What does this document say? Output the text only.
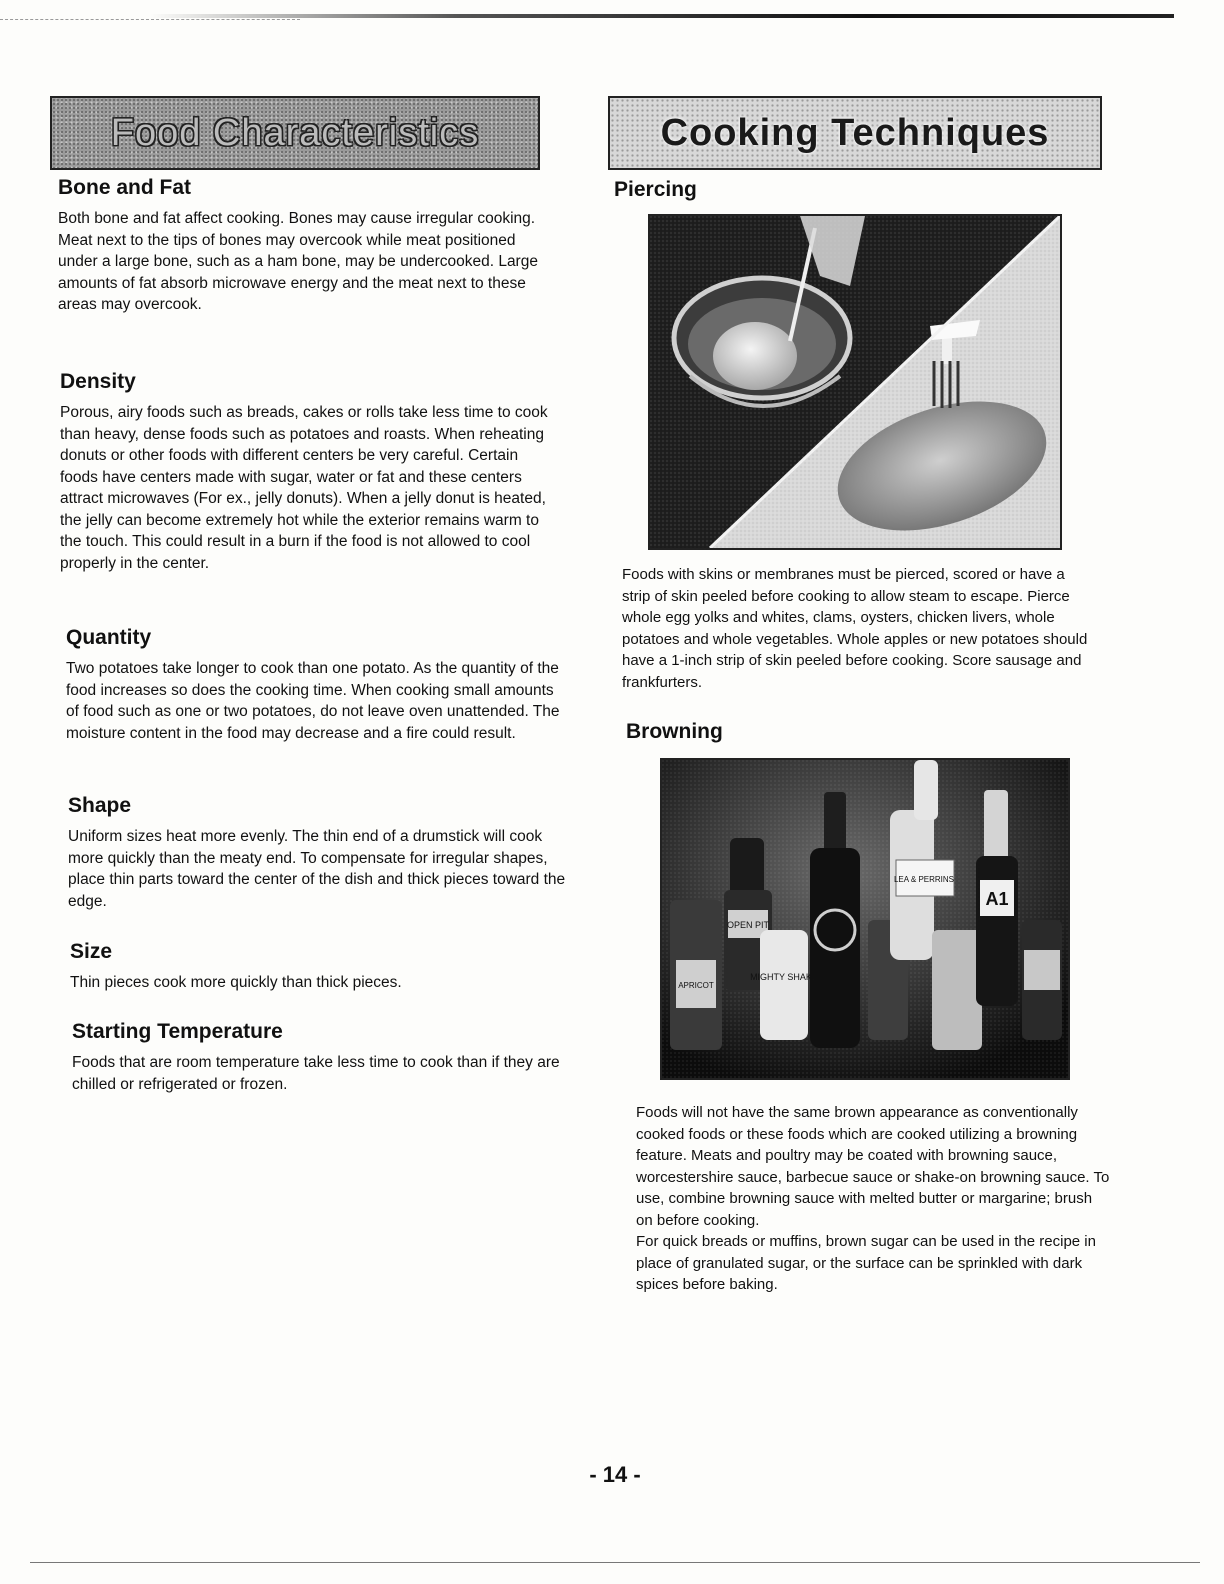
Food Characteristics	Cooking Techniques
Bone and Fat

Both bone and fat affect cooking. Bones may cause irregular cooking. Meat next to the tips of bones may overcook while meat positioned under a large bone, such as a ham bone, may be undercooked. Large amounts of fat absorb microwave energy and the meat next to these areas may overcook.

Density

Porous, airy foods such as breads, cakes or rolls take less time to cook than heavy, dense foods such as potatoes and roasts. When reheating donuts or other foods with different centers be very careful. Certain foods have centers made with sugar, water or fat and these centers attract microwaves (For ex., jelly donuts). When a jelly donut is heated, the jelly can become extremely hot while the exterior remains warm to the touch. This could result in a burn if the food is not allowed to cool properly in the center.

Quantity

Two potatoes take longer to cook than one potato. As the quantity of the food increases so does the cooking time. When cooking small amounts of food such as one or two potatoes, do not leave oven unattended. The moisture content in the food may decrease and a fire could result.

Shape

Uniform sizes heat more evenly. The thin end of a drumstick will cook more quickly than the meaty end. To compensate for irregular shapes, place thin parts toward the center of the dish and thick pieces toward the edge.

Size

Thin pieces cook more quickly than thick pieces.

Starting Temperature

Foods that are room temperature take less time to cook than if they are chilled or refrigerated or frozen.

Piercing

Foods with skins or membranes must be pierced, scored or have a strip of skin peeled before cooking to allow steam to escape. Pierce whole egg yolks and whites, clams, oysters, chicken livers, whole potatoes and whole vegetables. Whole apples or new potatoes should have a 1-inch strip of skin peeled before cooking. Score sausage and frankfurters.

Browning
OPEN PIT
APRICOT
MIGHTY SHAKE
LEA & PERRINS
A1

Foods will not have the same brown appearance as conventionally cooked foods or these foods which are cooked utilizing a browning feature. Meats and poultry may be coated with browning sauce, worcestershire sauce, barbecue sauce or shake-on browning sauce. To use, combine browning sauce with melted butter or margarine; brush on before cooking.

For quick breads or muffins, brown sugar can be used in the recipe in place of granulated sugar, or the surface can be sprinkled with dark spices before baking.

- 14 -
